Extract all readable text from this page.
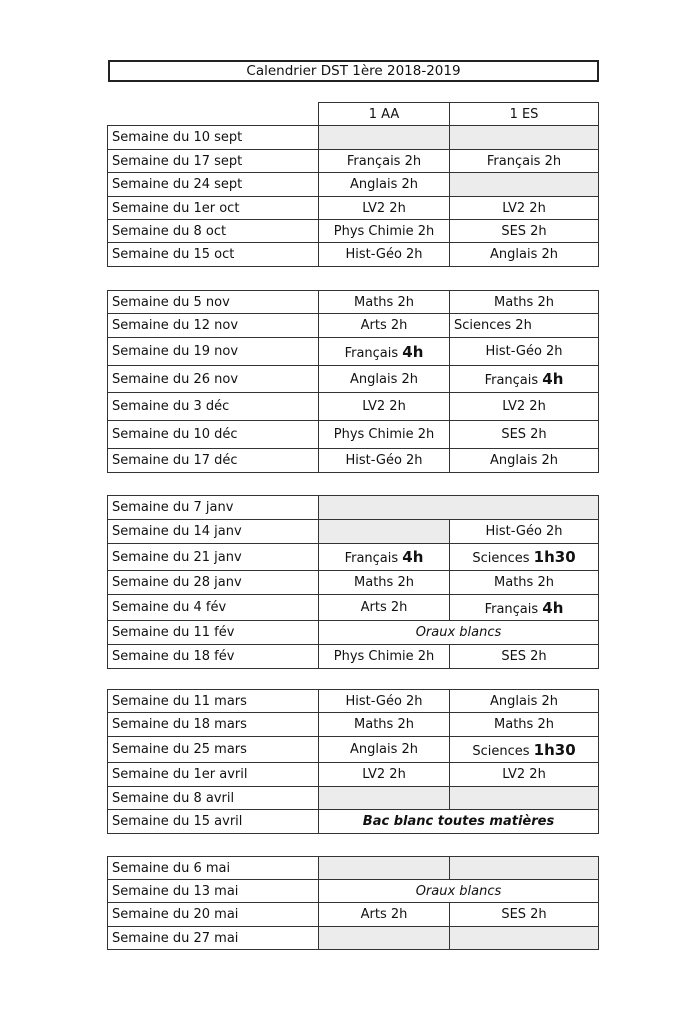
Calendrier DST 1ère 2018-2019
	1 AA	1 ES
Semaine du 10 sept		
Semaine du 17 sept	Français 2h	Français 2h
Semaine du 24 sept	Anglais 2h	
Semaine du 1er oct	LV2 2h	LV2 2h
Semaine du 8 oct	Phys Chimie 2h	SES 2h
Semaine du 15 oct	Hist-Géo 2h	Anglais 2h
Semaine du 5 nov	Maths 2h	Maths 2h
Semaine du 12 nov	Arts 2h	Sciences 2h
Semaine du 19 nov	Français 4h	Hist-Géo 2h
Semaine du 26 nov	Anglais 2h	Français 4h
Semaine du 3 déc	LV2 2h	LV2 2h
Semaine du 10 déc	Phys Chimie 2h	SES 2h
Semaine du 17 déc	Hist-Géo 2h	Anglais 2h
Semaine du 7 janv		
Semaine du 14 janv		Hist-Géo 2h
Semaine du 21 janv	Français 4h	Sciences 1h30
Semaine du 28 janv	Maths 2h	Maths 2h
Semaine du 4 fév	Arts 2h	Français 4h
Semaine du 11 fév	Oraux blancs	
Semaine du 18 fév	Phys Chimie 2h	SES 2h
Semaine du 11 mars	Hist-Géo 2h	Anglais 2h
Semaine du 18 mars	Maths 2h	Maths 2h
Semaine du 25 mars	Anglais 2h	Sciences 1h30
Semaine du 1er avril	LV2 2h	LV2 2h
Semaine du 8 avril		
Semaine du 15 avril	Bac blanc toutes matières	
Semaine du 6 mai		
Semaine du 13 mai	Oraux blancs	
Semaine du 20 mai	Arts 2h	SES 2h
Semaine du 27 mai		
